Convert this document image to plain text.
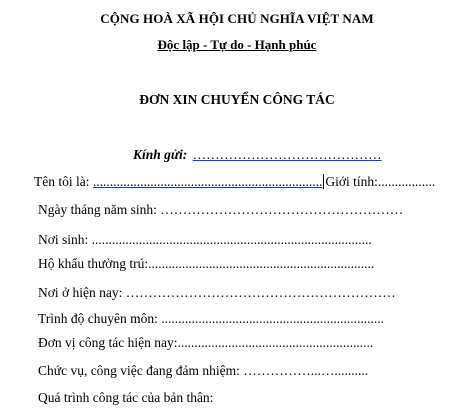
CỘNG HOÀ XÃ HỘI CHỦ NGHĨA VIỆT NAM
Độc lập - Tự do - Hạnh phúc
ĐƠN XIN CHUYỂN CÔNG TÁC
Kính gửi: ……………………………………
Tên tôi là: .................................................................... Giới tính:.................
Ngày tháng năm sinh: ………………………………………………
Nơi sinh: ...................................................................................
Hộ khẩu thường trú:...................................................................
Nơi ở hiện nay: ……………………………………………………
Trình độ chuyên môn: ..................................................................
Đơn vị công tác hiện nay:..........................................................
Chức vụ, công việc đang đảm nhiệm: ……………...…..........
Quá trình công tác của bản thân:
